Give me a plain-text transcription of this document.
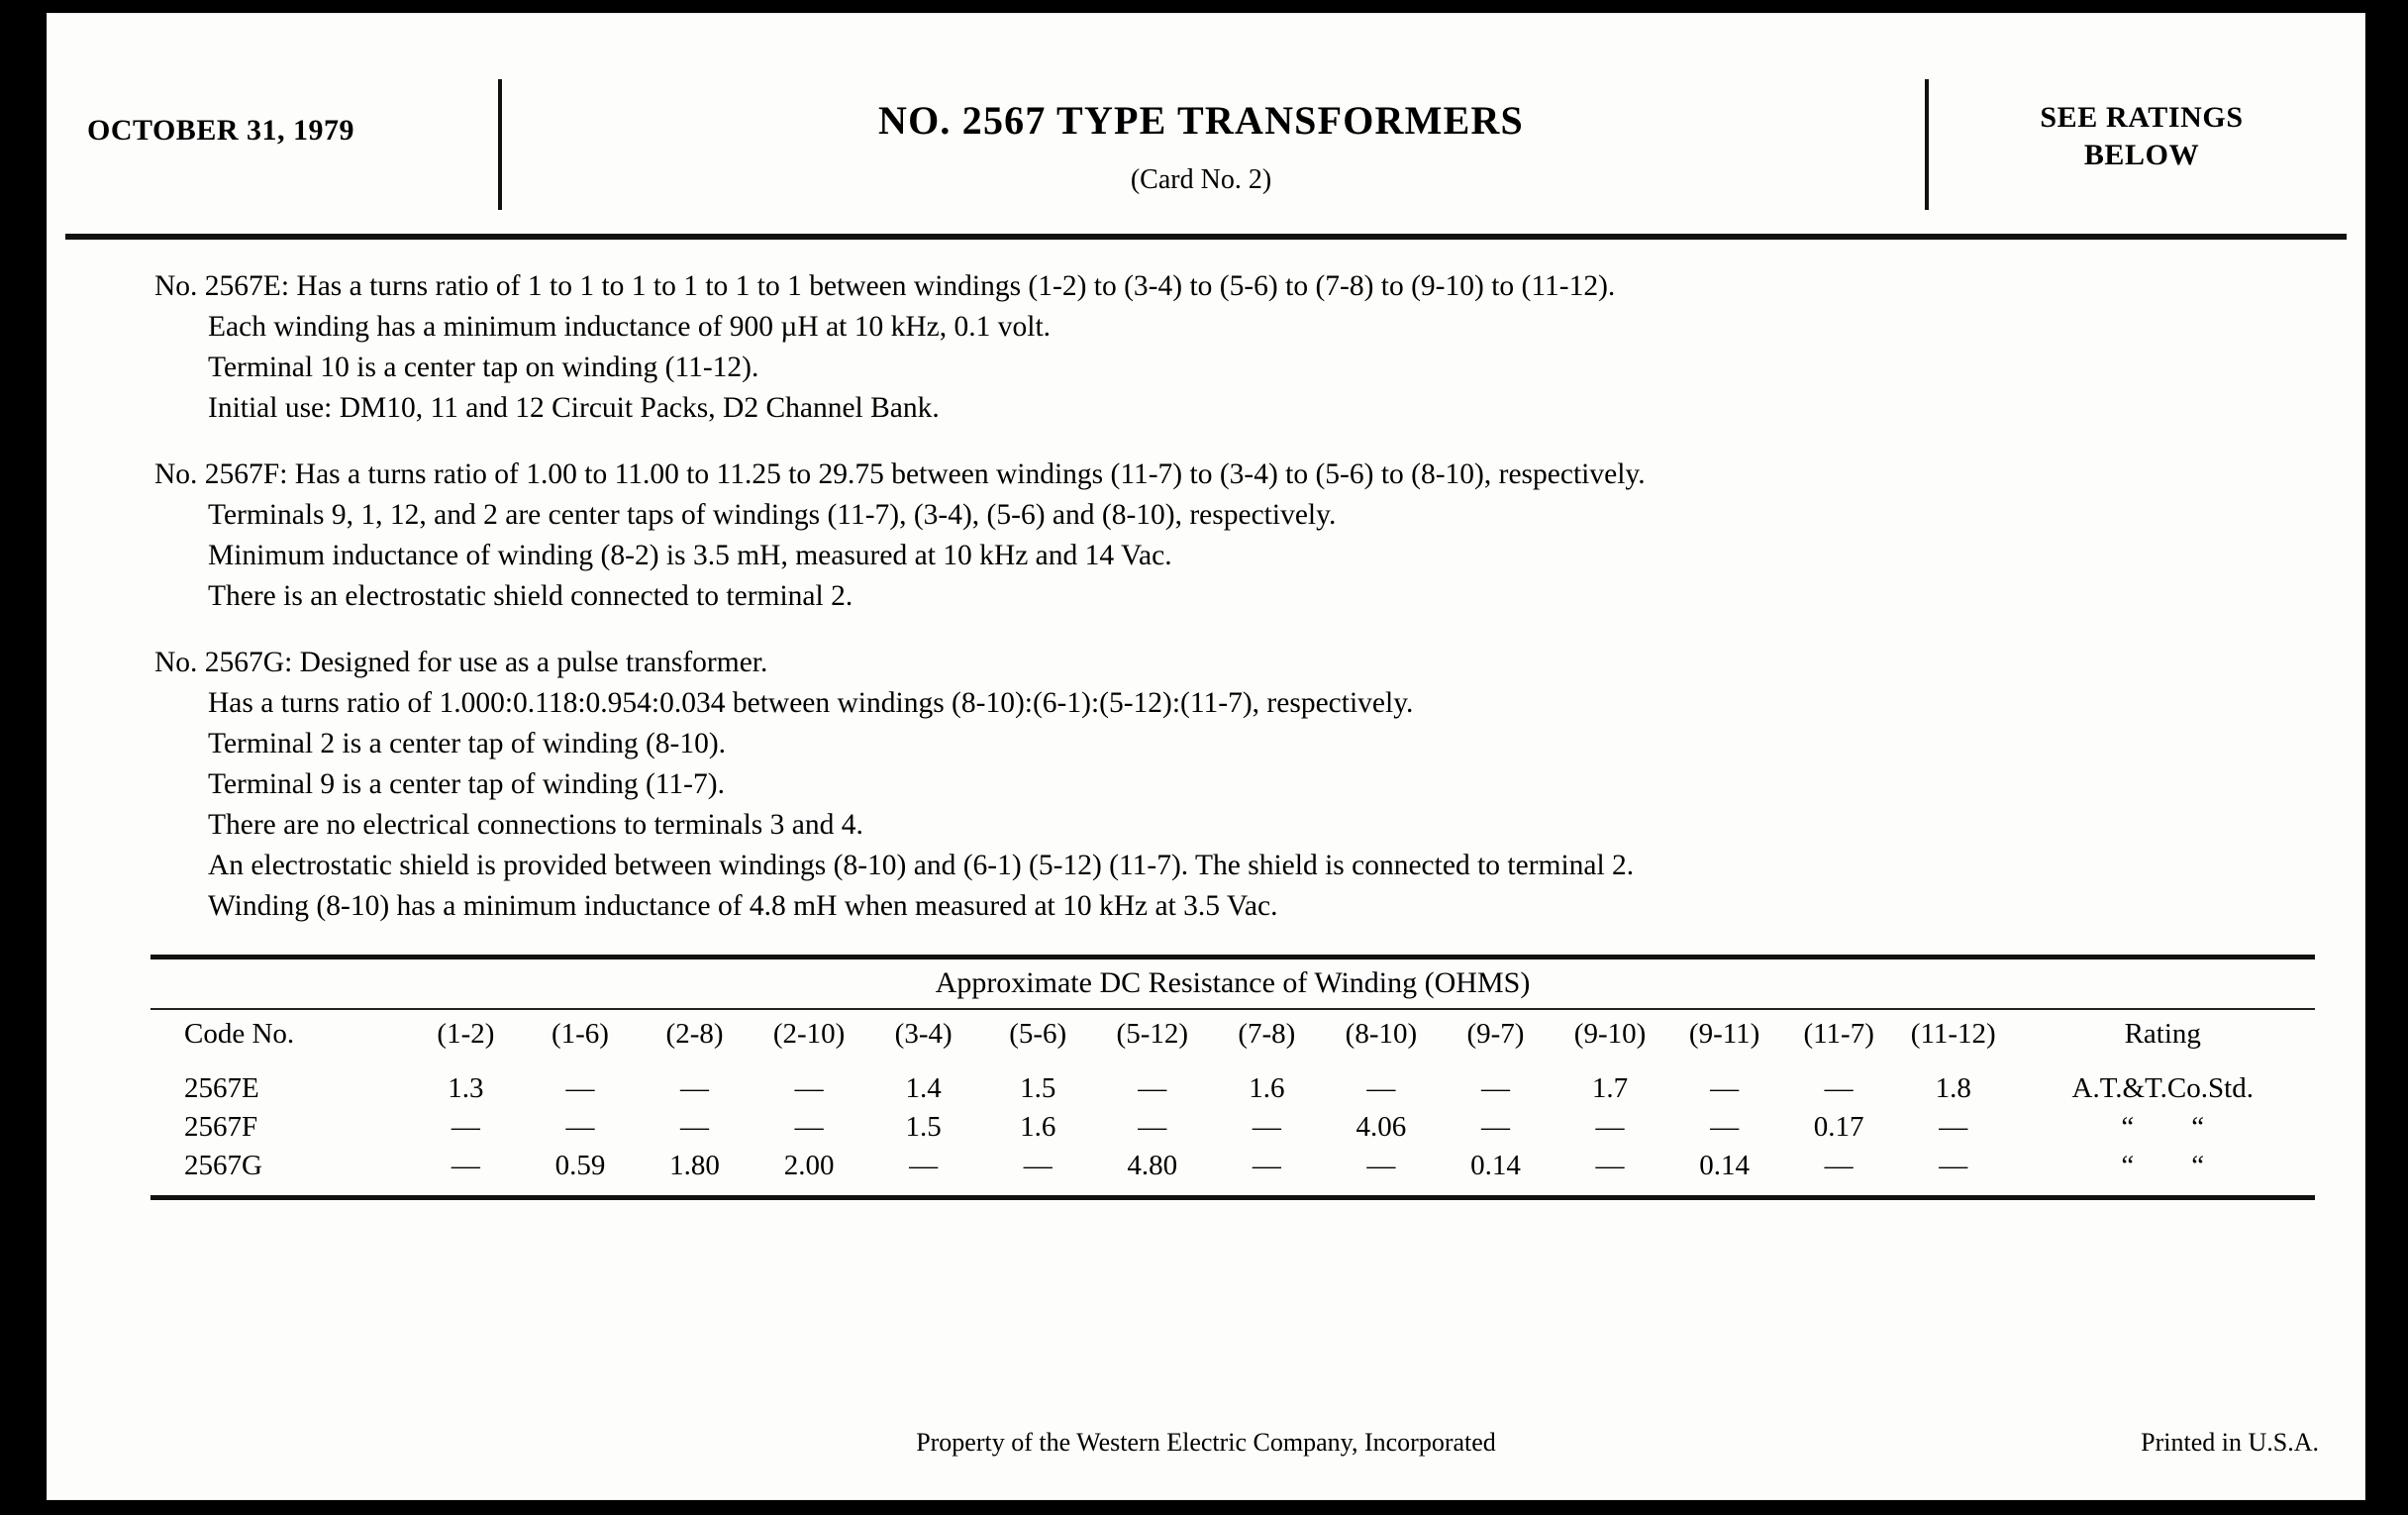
OCTOBER 31, 1979	NO. 2567 TYPE TRANSFORMERS
(Card No. 2)
SEE RATINGS
BELOW
No. 2567E: Has a turns ratio of 1 to 1 to 1 to 1 to 1 to 1 between windings (1-2) to (3-4) to (5-6) to (7-8) to (9-10) to (11-12).
Each winding has a minimum inductance of 900 µH at 10 kHz, 0.1 volt.
Terminal 10 is a center tap on winding (11-12).
Initial use: DM10, 11 and 12 Circuit Packs, D2 Channel Bank.
No. 2567F: Has a turns ratio of 1.00 to 11.00 to 11.25 to 29.75 between windings (11-7) to (3-4) to (5-6) to (8-10), respectively.
Terminals 9, 1, 12, and 2 are center taps of windings (11-7), (3-4), (5-6) and (8-10), respectively.
Minimum inductance of winding (8-2) is 3.5 mH, measured at 10 kHz and 14 Vac.
There is an electrostatic shield connected to terminal 2.
No. 2567G: Designed for use as a pulse transformer.
Has a turns ratio of 1.000:0.118:0.954:0.034 between windings (8-10):(6-1):(5-12):(11-7), respectively.
Terminal 2 is a center tap of winding (8-10).
Terminal 9 is a center tap of winding (11-7).
There are no electrical connections to terminals 3 and 4.
An electrostatic shield is provided between windings (8-10) and (6-1) (5-12) (11-7). The shield is connected to terminal 2.
Winding (8-10) has a minimum inductance of 4.8 mH when measured at 10 kHz at 3.5 Vac.
Approximate DC Resistance of Winding (OHMS)
Code No.	(1-2)	(1-6)	(2-8)	(2-10)	(3-4)	(5-6)	(5-12)	(7-8)	(8-10)	(9-7)	(9-10)	(9-11)	(11-7)	(11-12)	Rating
2567E	1.3	—	—	—	1.4	1.5	—	1.6	—	—	1.7	—	—	1.8	A.T.&T.Co.Std.
2567F	—	—	—	—	1.5	1.6	—	—	4.06	—	—	—	0.17	—	“  “
2567G	—	0.59	1.80	2.00	—	—	4.80	—	—	0.14	—	0.14	—	—	“  “
Property of the Western Electric Company, Incorporated	Printed in U.S.A.
